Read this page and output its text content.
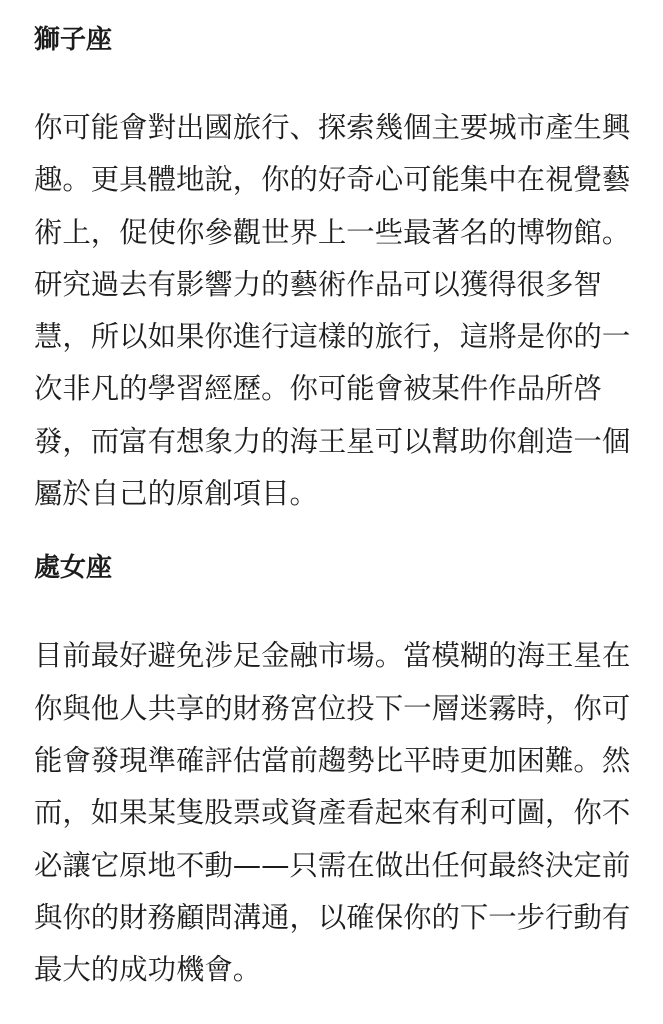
獅子座

你可能會對出國旅行、探索幾個主要城市產生興趣。更具體地說，你的好奇心可能集中在視覺藝術上，促使你參觀世界上一些最著名的博物館。研究過去有影響力的藝術作品可以獲得很多智慧，所以如果你進行這樣的旅行，這將是你的一次非凡的學習經歷。你可能會被某件作品所啓發，而富有想象力的海王星可以幫助你創造一個屬於自己的原創項目。

處女座

目前最好避免涉足金融市場。當模糊的海王星在你與他人共享的財務宮位投下一層迷霧時，你可能會發現準確評估當前趨勢比平時更加困難。然而，如果某隻股票或資產看起來有利可圖，你不必讓它原地不動——只需在做出任何最終決定前與你的財務顧問溝通，以確保你的下一步行動有最大的成功機會。
